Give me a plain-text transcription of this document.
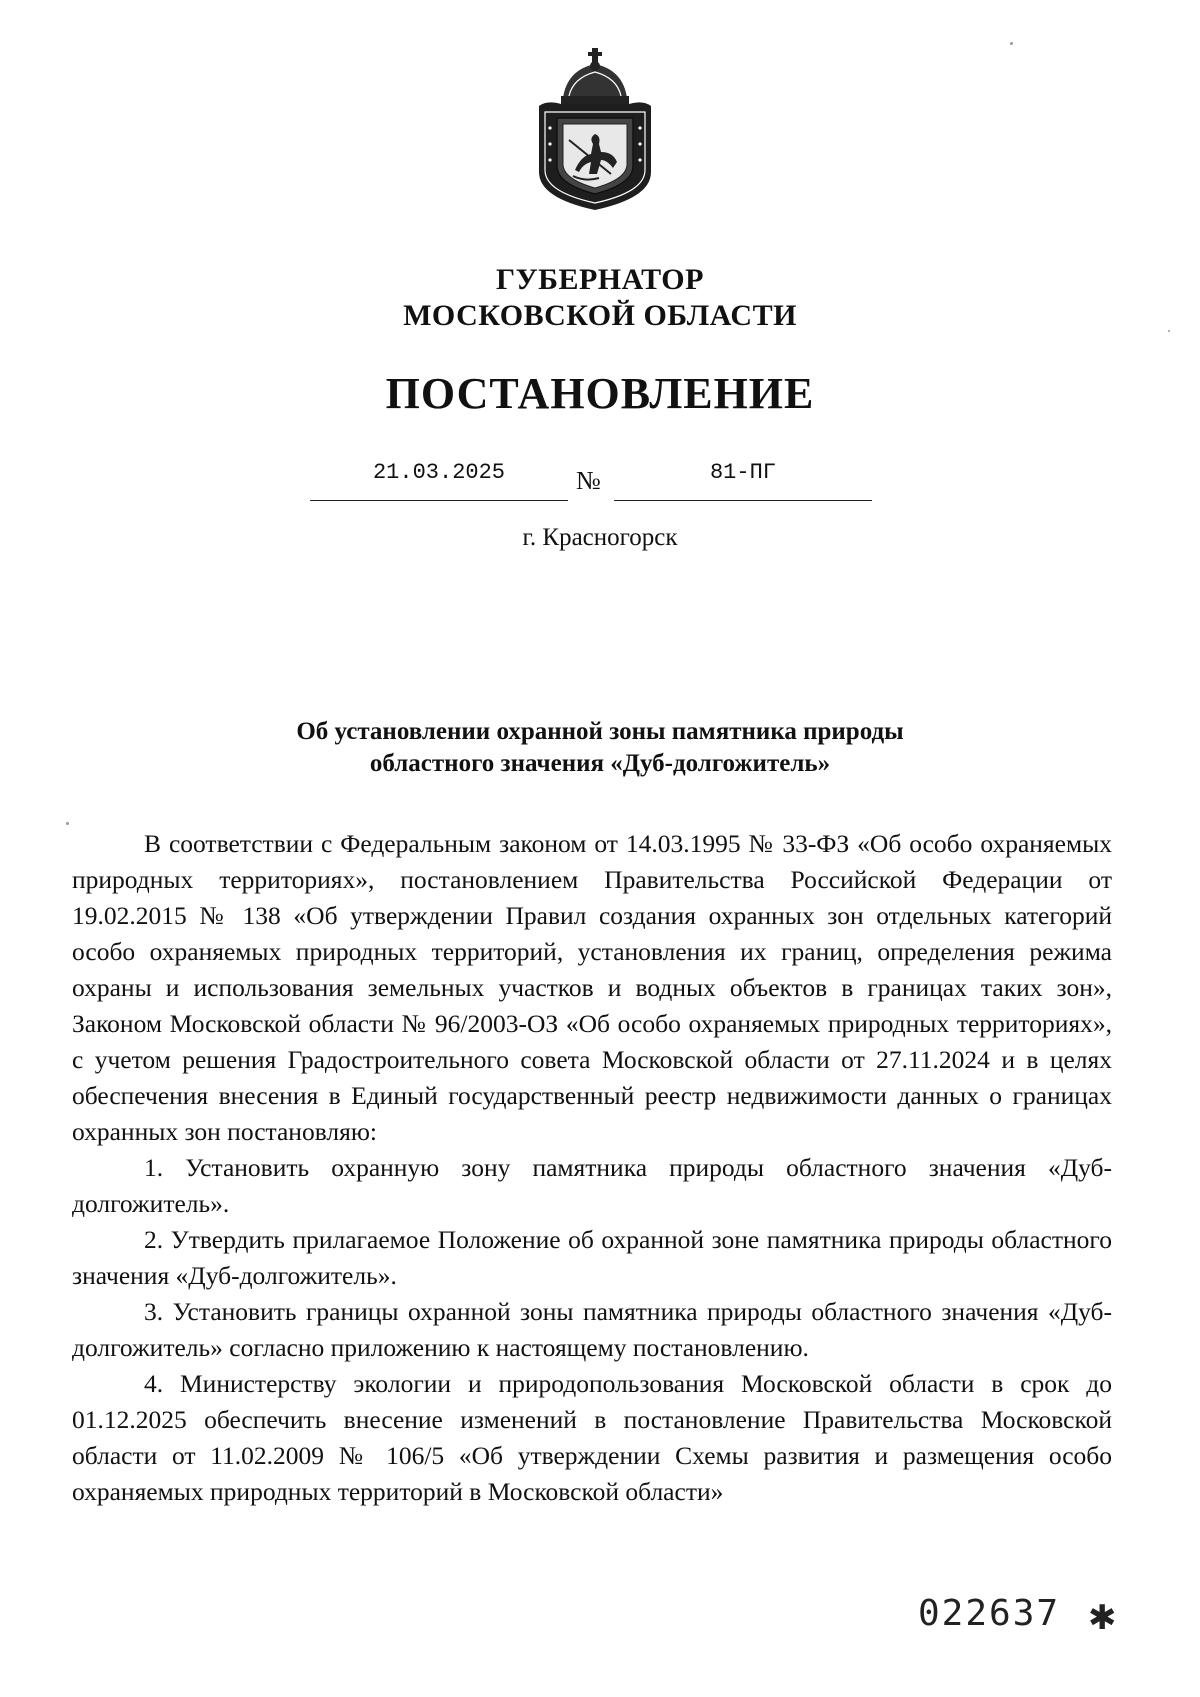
ГУБЕРНАТОР
МОСКОВСКОЙ ОБЛАСТИ
ПОСТАНОВЛЕНИЕ
21.03.2025	№	81-ПГ
г. Красногорск
Об установлении охранной зоны памятника природы
областного значения «Дуб-долгожитель»

В соответствии с Федеральным законом от 14.03.1995 № 33-ФЗ «Об особо охраняемых природных территориях», постановлением Правительства Российской Федерации от 19.02.2015 № 138 «Об утверждении Правил создания охранных зон отдельных категорий особо охраняемых природных территорий, установления их границ, определения режима охраны и использования земельных участков и водных объектов в границах таких зон», Законом Московской области № 96/2003-ОЗ «Об особо охраняемых природных территориях», с учетом решения Градостроительного совета Московской области от 27.11.2024 и в целях обеспечения внесения в Единый государственный реестр недвижимости данных о границах охранных зон постановляю:

1. Установить охранную зону памятника природы областного значения «Дуб-долгожитель».

2. Утвердить прилагаемое Положение об охранной зоне памятника природы областного значения «Дуб-долгожитель».

3. Установить границы охранной зоны памятника природы областного значения «Дуб-долгожитель» согласно приложению к настоящему постановлению.

4. Министерству экологии и природопользования Московской области в срок до 01.12.2025 обеспечить внесение изменений в постановление Правительства Московской области от 11.02.2009 № 106/5 «Об утверждении Схемы развития и размещения особо охраняемых природных территорий в Московской области»

022637 ✱
